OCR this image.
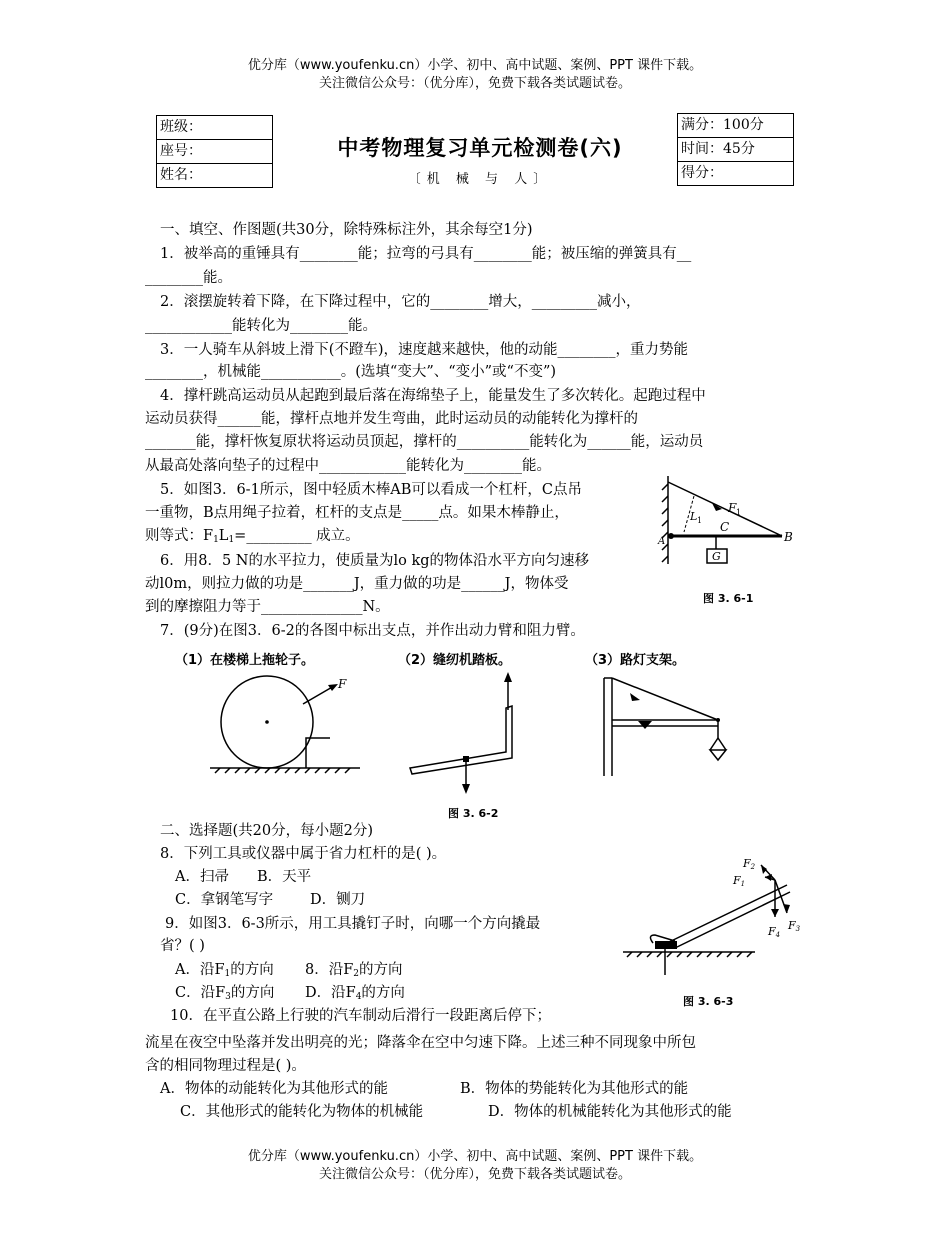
优分库（www.youfenku.cn）小学、初中、高中试题、案例、PPT 课件下载。
关注微信公众号：（优分库），免费下载各类试题试卷。
班级：
座号：
姓名：
中考物理复习单元检测卷(六)
〔机 械 与 人〕
满分：100分
时间：45分
得分：
一、填空、作图题(共30分，除特殊标注外，其余每空1分)
1．被举高的重锤具有________能；拉弯的弓具有________能；被压缩的弹簧具有__
________能。
2．滚摆旋转着下降，在下降过程中，它的________增大，_________减小，
____________能转化为________能。
3．一人骑车从斜坡上滑下(不蹬车)，速度越来越快，他的动能________，重力势能
________，机械能___________。(选填“变大”、“变小”或“不变”)
4．撑杆跳高运动员从起跑到最后落在海绵垫子上，能量发生了多次转化。起跑过程中
运动员获得______能，撑杆点地并发生弯曲，此时运动员的动能转化为撑杆的
_______能，撑杆恢复原状将运动员顶起，撑杆的__________能转化为______能，运动员
从最高处落向垫子的过程中____________能转化为________能。
5．如图3．6-1所示，图中轻质木棒AB可以看成一个杠杆，C点吊
一重物，B点用绳子拉着，杠杆的支点是_____点。如果木棒静止，
则等式：$F_1L_1=\_\_\_\_\_\_\_\_\_$ 成立。
6．用8．5 N的水平拉力，使质量为lo kg的物体沿水平方向匀速移
动l0m，则拉力做的功是_______J，重力做的功是______J，物体受
到的摩擦阻力等于______________N。
F 1
L 1 C
B
A
G
图 3. 6-1
7．(9分)在图3．6-2的各图中标出支点，并作出动力臂和阻力臂。
（1）在楼梯上拖轮子。	（2）缝纫机踏板。	（3）路灯支架。
F
图 3. 6-2
二、选择题(共20分，每小题2分)
8．下列工具或仪器中属于省力杠杆的是( )。
A．扫帚 B．天平
C．拿钢笔写字	D．铡刀
9．如图3．6-3所示，用工具撬钉子时，向哪一个方向撬最
省？( )
A．沿$F_1$的方向 8．沿$F_2$的方向
C．沿$F_3$的方向 D．沿$F_4$的方向
F2
F1
F3
F4
图 3. 6-3
10．在平直公路上行驶的汽车制动后滑行一段距离后停下；
流星在夜空中坠落并发出明亮的光；降落伞在空中匀速下降。上述三种不同现象中所包
含的相同物理过程是( )。
A．物体的动能转化为其他形式的能	B．物体的势能转化为其他形式的能
C．其他形式的能转化为物体的机械能	D．物体的机械能转化为其他形式的能
优分库（www.youfenku.cn）小学、初中、高中试题、案例、PPT 课件下载。
关注微信公众号：（优分库），免费下载各类试题试卷。
